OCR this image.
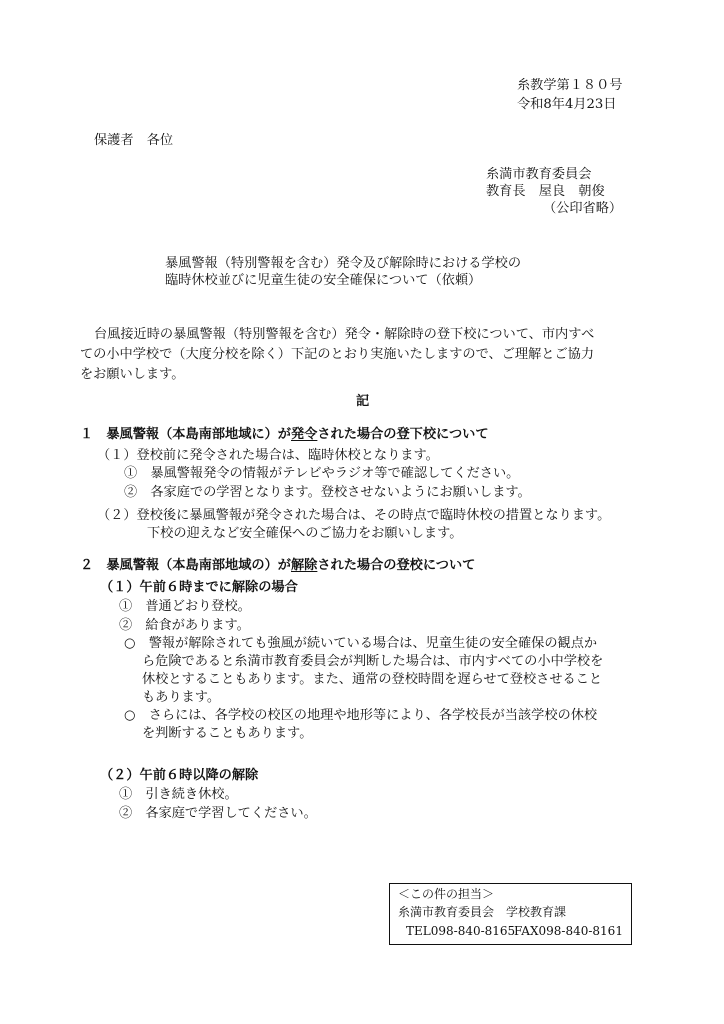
糸教学第１８０号
令和8年4月23日
保護者　各位
糸満市教育委員会
教育長　屋良　朝俊
（公印省略）
暴風警報（特別警報を含む）発令及び解除時における学校の
臨時休校並びに児童生徒の安全確保について（依頼）
台風接近時の暴風警報（特別警報を含む）発令・解除時の登下校について、市内すべ
ての小中学校で（大度分校を除く）下記のとおり実施いたしますので、ご理解とご協力
をお願いします。
記
１　暴風警報（本島南部地域に）が発令された場合の登下校について
（１）登校前に発令された場合は、臨時休校となります。
①　暴風警報発令の情報がテレビやラジオ等で確認してください。
②　各家庭での学習となります。登校させないようにお願いします。
（２）登校後に暴風警報が発令された場合は、その時点で臨時休校の措置となります。
下校の迎えなど安全確保へのご協力をお願いします。
２　暴風警報（本島南部地域の）が解除された場合の登校について
（１）午前６時までに解除の場合
①　普通どおり登校。
②　給食があります。
○　警報が解除されても強風が続いている場合は、児童生徒の安全確保の観点か
ら危険であると糸満市教育委員会が判断した場合は、市内すべての小中学校を
休校とすることもあります。また、通常の登校時間を遅らせて登校させること
もあります。
○　さらには、各学校の校区の地理や地形等により、各学校長が当該学校の休校
を判断することもあります。
（２）午前６時以降の解除
①　引き続き休校。
②　各家庭で学習してください。
＜この件の担当＞
糸満市教育委員会　学校教育課
TEL098-840-8165
FAX098-840-8161
